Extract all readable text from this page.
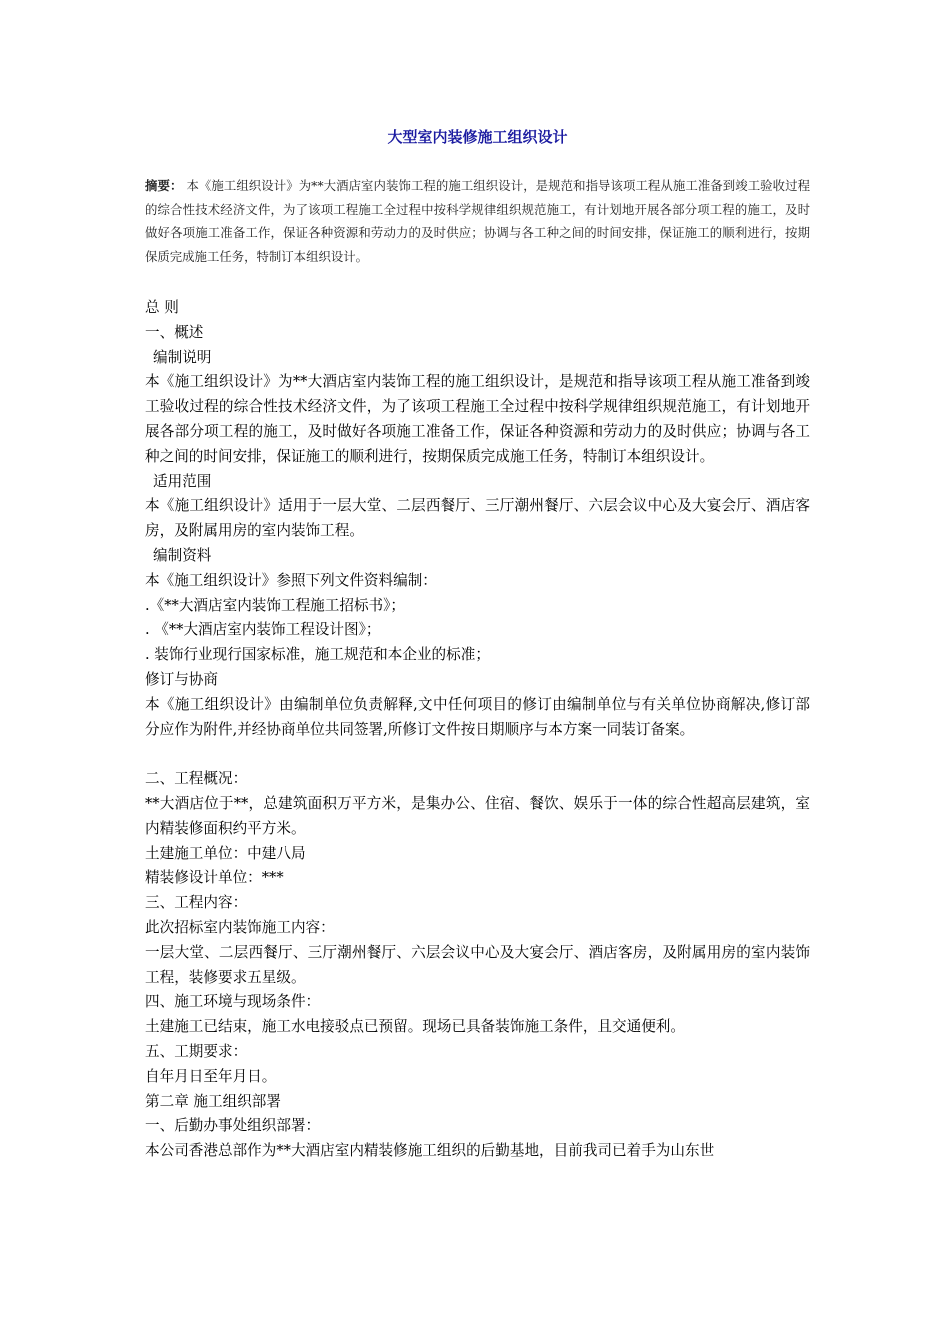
大型室内装修施工组织设计

摘要： 本《施工组织设计》为**大酒店室内装饰工程的施工组织设计，是规范和指导该项工程从施工准备到竣工验收过程的综合性技术经济文件，为了该项工程施工全过程中按科学规律组织规范施工，有计划地开展各部分项工程的施工，及时做好各项施工准备工作，保证各种资源和劳动力的及时供应；协调与各工种之间的时间安排，保证施工的顺利进行，按期保质完成施工任务，特制订本组织设计。

总 则

一、概述

编制说明

本《施工组织设计》为**大酒店室内装饰工程的施工组织设计，是规范和指导该项工程从施工准备到竣工验收过程的综合性技术经济文件，为了该项工程施工全过程中按科学规律组织规范施工，有计划地开展各部分项工程的施工，及时做好各项施工准备工作，保证各种资源和劳动力的及时供应；协调与各工种之间的时间安排，保证施工的顺利进行，按期保质完成施工任务，特制订本组织设计。

适用范围

本《施工组织设计》适用于一层大堂、二层西餐厅、三厅潮州餐厅、六层会议中心及大宴会厅、酒店客房，及附属用房的室内装饰工程。

编制资料

本《施工组织设计》参照下列文件资料编制：

.《**大酒店室内装饰工程施工招标书》；

. 《**大酒店室内装饰工程设计图》；

. 装饰行业现行国家标准，施工规范和本企业的标准；

修订与协商

本《施工组织设计》由编制单位负责解释,文中任何项目的修订由编制单位与有关单位协商解决,修订部分应作为附件,并经协商单位共同签署,所修订文件按日期顺序与本方案一同装订备案。

二、工程概况：

**大酒店位于**，总建筑面积万平方米，是集办公、住宿、餐饮、娱乐于一体的综合性超高层建筑，室内精装修面积约平方米。

土建施工单位：中建八局

精装修设计单位：***

三、工程内容：

此次招标室内装饰施工内容：

一层大堂、二层西餐厅、三厅潮州餐厅、六层会议中心及大宴会厅、酒店客房，及附属用房的室内装饰工程，装修要求五星级。

四、施工环境与现场条件：

土建施工已结束，施工水电接驳点已预留。现场已具备装饰施工条件，且交通便利。

五、工期要求：

自年月日至年月日。

第二章 施工组织部署

一、后勤办事处组织部署：

本公司香港总部作为**大酒店室内精装修施工组织的后勤基地，目前我司已着手为山东世
